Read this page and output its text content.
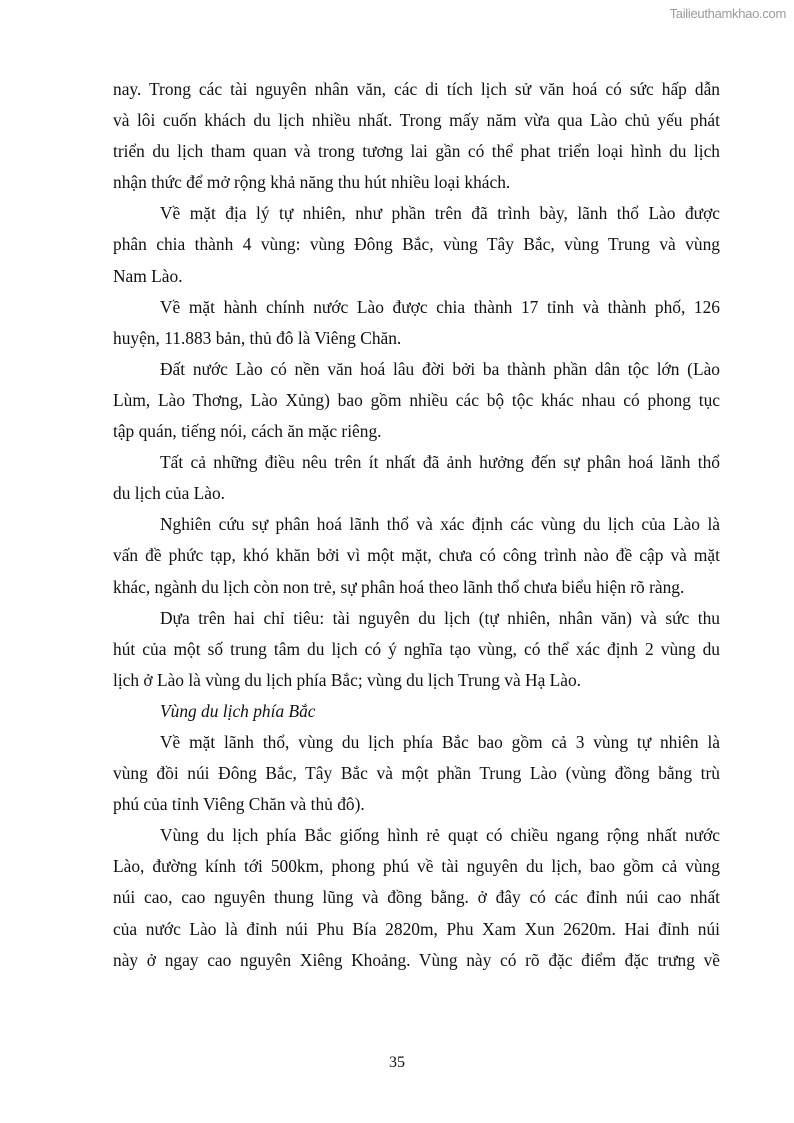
Tailieuthamkhao.com
nay. Trong các tài nguyên nhân văn, các di tích lịch sử văn hoá có sức hấp dẫn
và lôi cuốn khách du lịch nhiều nhất. Trong mấy năm vừa qua Lào chủ yếu phát
triển du lịch tham quan và trong tương lai gần có thể phat triển loại hình du lịch
nhận thức để mở rộng khả năng thu hút nhiều loại khách.
Về mặt địa lý tự nhiên, như phần trên đã trình bày, lãnh thổ Lào được
phân chia thành 4 vùng: vùng Đông Bắc, vùng Tây Bắc, vùng Trung và vùng
Nam Lào.
Về mặt hành chính nước Lào được chia thành 17 tỉnh và thành phố, 126
huyện, 11.883 bản, thủ đô là Viêng Chăn.
Đất nước Lào có nền văn hoá lâu đời bởi ba thành phần dân tộc lớn (Lào
Lùm, Lào Thơng, Lào Xủng) bao gồm nhiều các bộ tộc khác nhau có phong tục
tập quán, tiếng nói, cách ăn mặc riêng.
Tất cả những điều nêu trên ít nhất đã ảnh hưởng đến sự phân hoá lãnh thổ
du lịch của Lào.
Nghiên cứu sự phân hoá lãnh thổ và xác định các vùng du lịch của Lào là
vấn đề phức tạp, khó khăn bởi vì một mặt, chưa có công trình nào đề cập và mặt
khác, ngành du lịch còn non trẻ, sự phân hoá theo lãnh thổ chưa biểu hiện rõ ràng.
Dựa trên hai chỉ tiêu: tài nguyên du lịch (tự nhiên, nhân văn) và sức thu
hút của một số trung tâm du lịch có ý nghĩa tạo vùng, có thể xác định 2 vùng du
lịch ở Lào là vùng du lịch phía Bắc; vùng du lịch Trung và Hạ Lào.
Vùng du lịch phía Bắc
Về mặt lãnh thổ, vùng du lịch phía Bắc bao gồm cả 3 vùng tự nhiên là
vùng đồi núi Đông Bắc, Tây Bắc và một phần Trung Lào (vùng đồng bằng trù
phú của tỉnh Viêng Chăn và thủ đô).
Vùng du lịch phía Bắc giống hình rẻ quạt có chiều ngang rộng nhất nước
Lào, đường kính tới 500km, phong phú về tài nguyên du lịch, bao gồm cả vùng
núi cao, cao nguyên thung lũng và đồng bằng. ở đây có các đỉnh núi cao nhất
của nước Lào là đỉnh núi Phu Bía 2820m, Phu Xam Xun 2620m. Hai đỉnh núi
này ở ngay cao nguyên Xiêng Khoảng. Vùng này có rõ đặc điểm đặc trưng về
35
